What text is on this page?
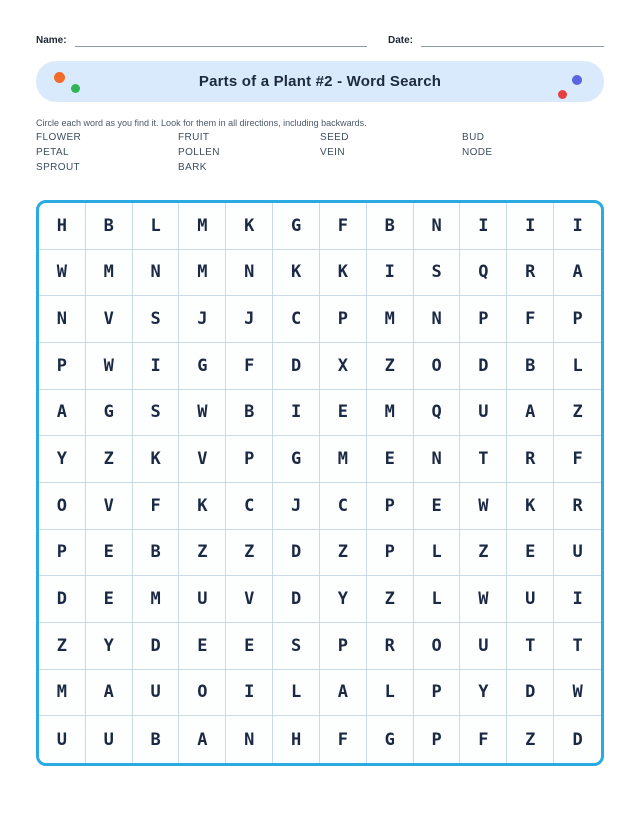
Name:	Date:
Parts of a Plant #2 - Word Search

Circle each word as you find it. Look for them in all directions, including backwards.

FLOWER	FRUIT	SEED	BUD
PETAL	POLLEN	VEIN	NODE
SPROUT	BARK
H	B	L	M	K	G	F	B	N	I	I	I
W	M	N	M	N	K	K	I	S	Q	R	A
N	V	S	J	J	C	P	M	N	P	F	P
P	W	I	G	F	D	X	Z	O	D	B	L
A	G	S	W	B	I	E	M	Q	U	A	Z
Y	Z	K	V	P	G	M	E	N	T	R	F
O	V	F	K	C	J	C	P	E	W	K	R
P	E	B	Z	Z	D	Z	P	L	Z	E	U
D	E	M	U	V	D	Y	Z	L	W	U	I
Z	Y	D	E	E	S	P	R	O	U	T	T
M	A	U	O	I	L	A	L	P	Y	D	W
U	U	B	A	N	H	F	G	P	F	Z	D
